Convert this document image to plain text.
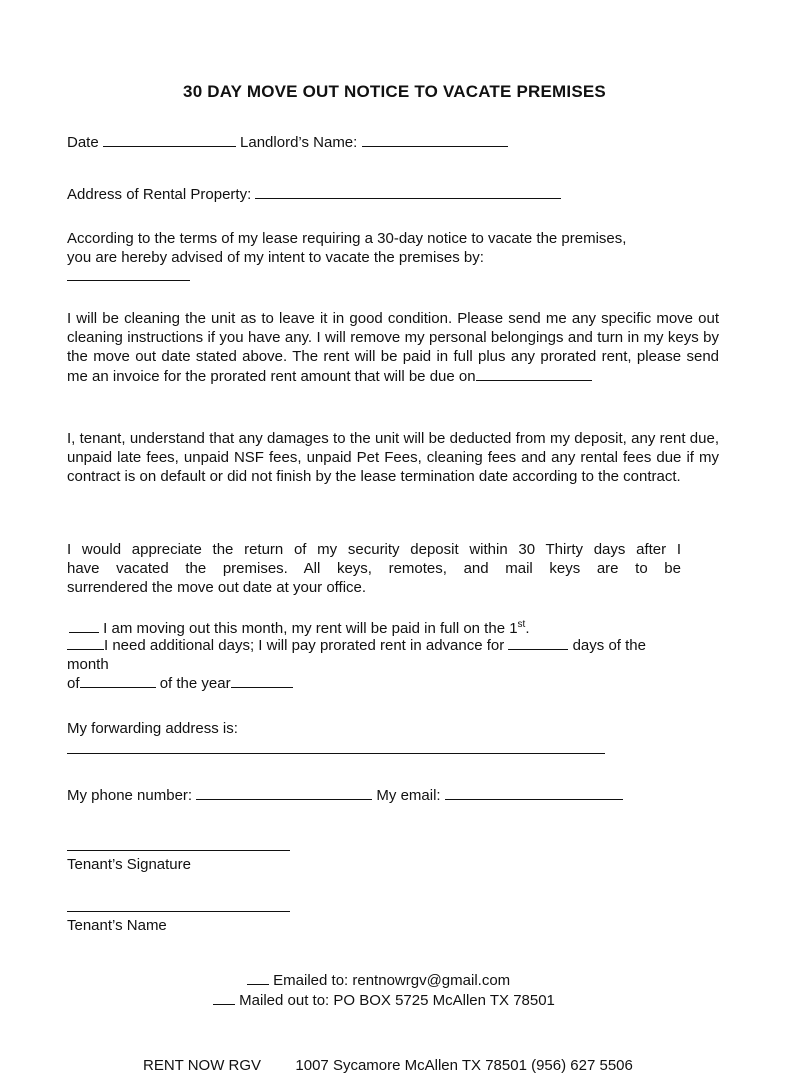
30 DAY MOVE OUT NOTICE TO VACATE PREMISES
Date	Landlord’s Name:
Address of Rental Property:
According to the terms of my lease requiring a 30-day notice to vacate the premises, you are hereby advised of my intent to vacate the premises by:
I will be cleaning the unit as to leave it in good condition. Please send me any specific move out cleaning instructions if you have any. I will remove my personal belongings and turn in my keys by the move out date stated above. The rent will be paid in full plus any prorated rent, please send me an invoice for the prorated rent amount that will be due on
I, tenant, understand that any damages to the unit will be deducted from my deposit, any rent due, unpaid late fees, unpaid NSF fees, unpaid Pet Fees, cleaning fees and any rental fees due if my contract is on default or did not finish by the lease termination date according to the contract.
I would appreciate the return of my security deposit within 30 Thirty days after I
have vacated the premises. All keys, remotes, and mail keys are to be
surrendered the move out date at your office.
I am moving out this month, my rent will be paid in full on the 1st.
I need additional days; I will pay prorated rent in advance for	days of the
month
of	of the year
My forwarding address is:
My phone number:	My email:
Tenant’s Signature
Tenant’s Name
Emailed to: rentnowrgv@gmail.com
Mailed out to: PO BOX 5725 McAllen TX 78501
RENT NOW RGV 1007 Sycamore McAllen TX 78501 (956) 627 5506
